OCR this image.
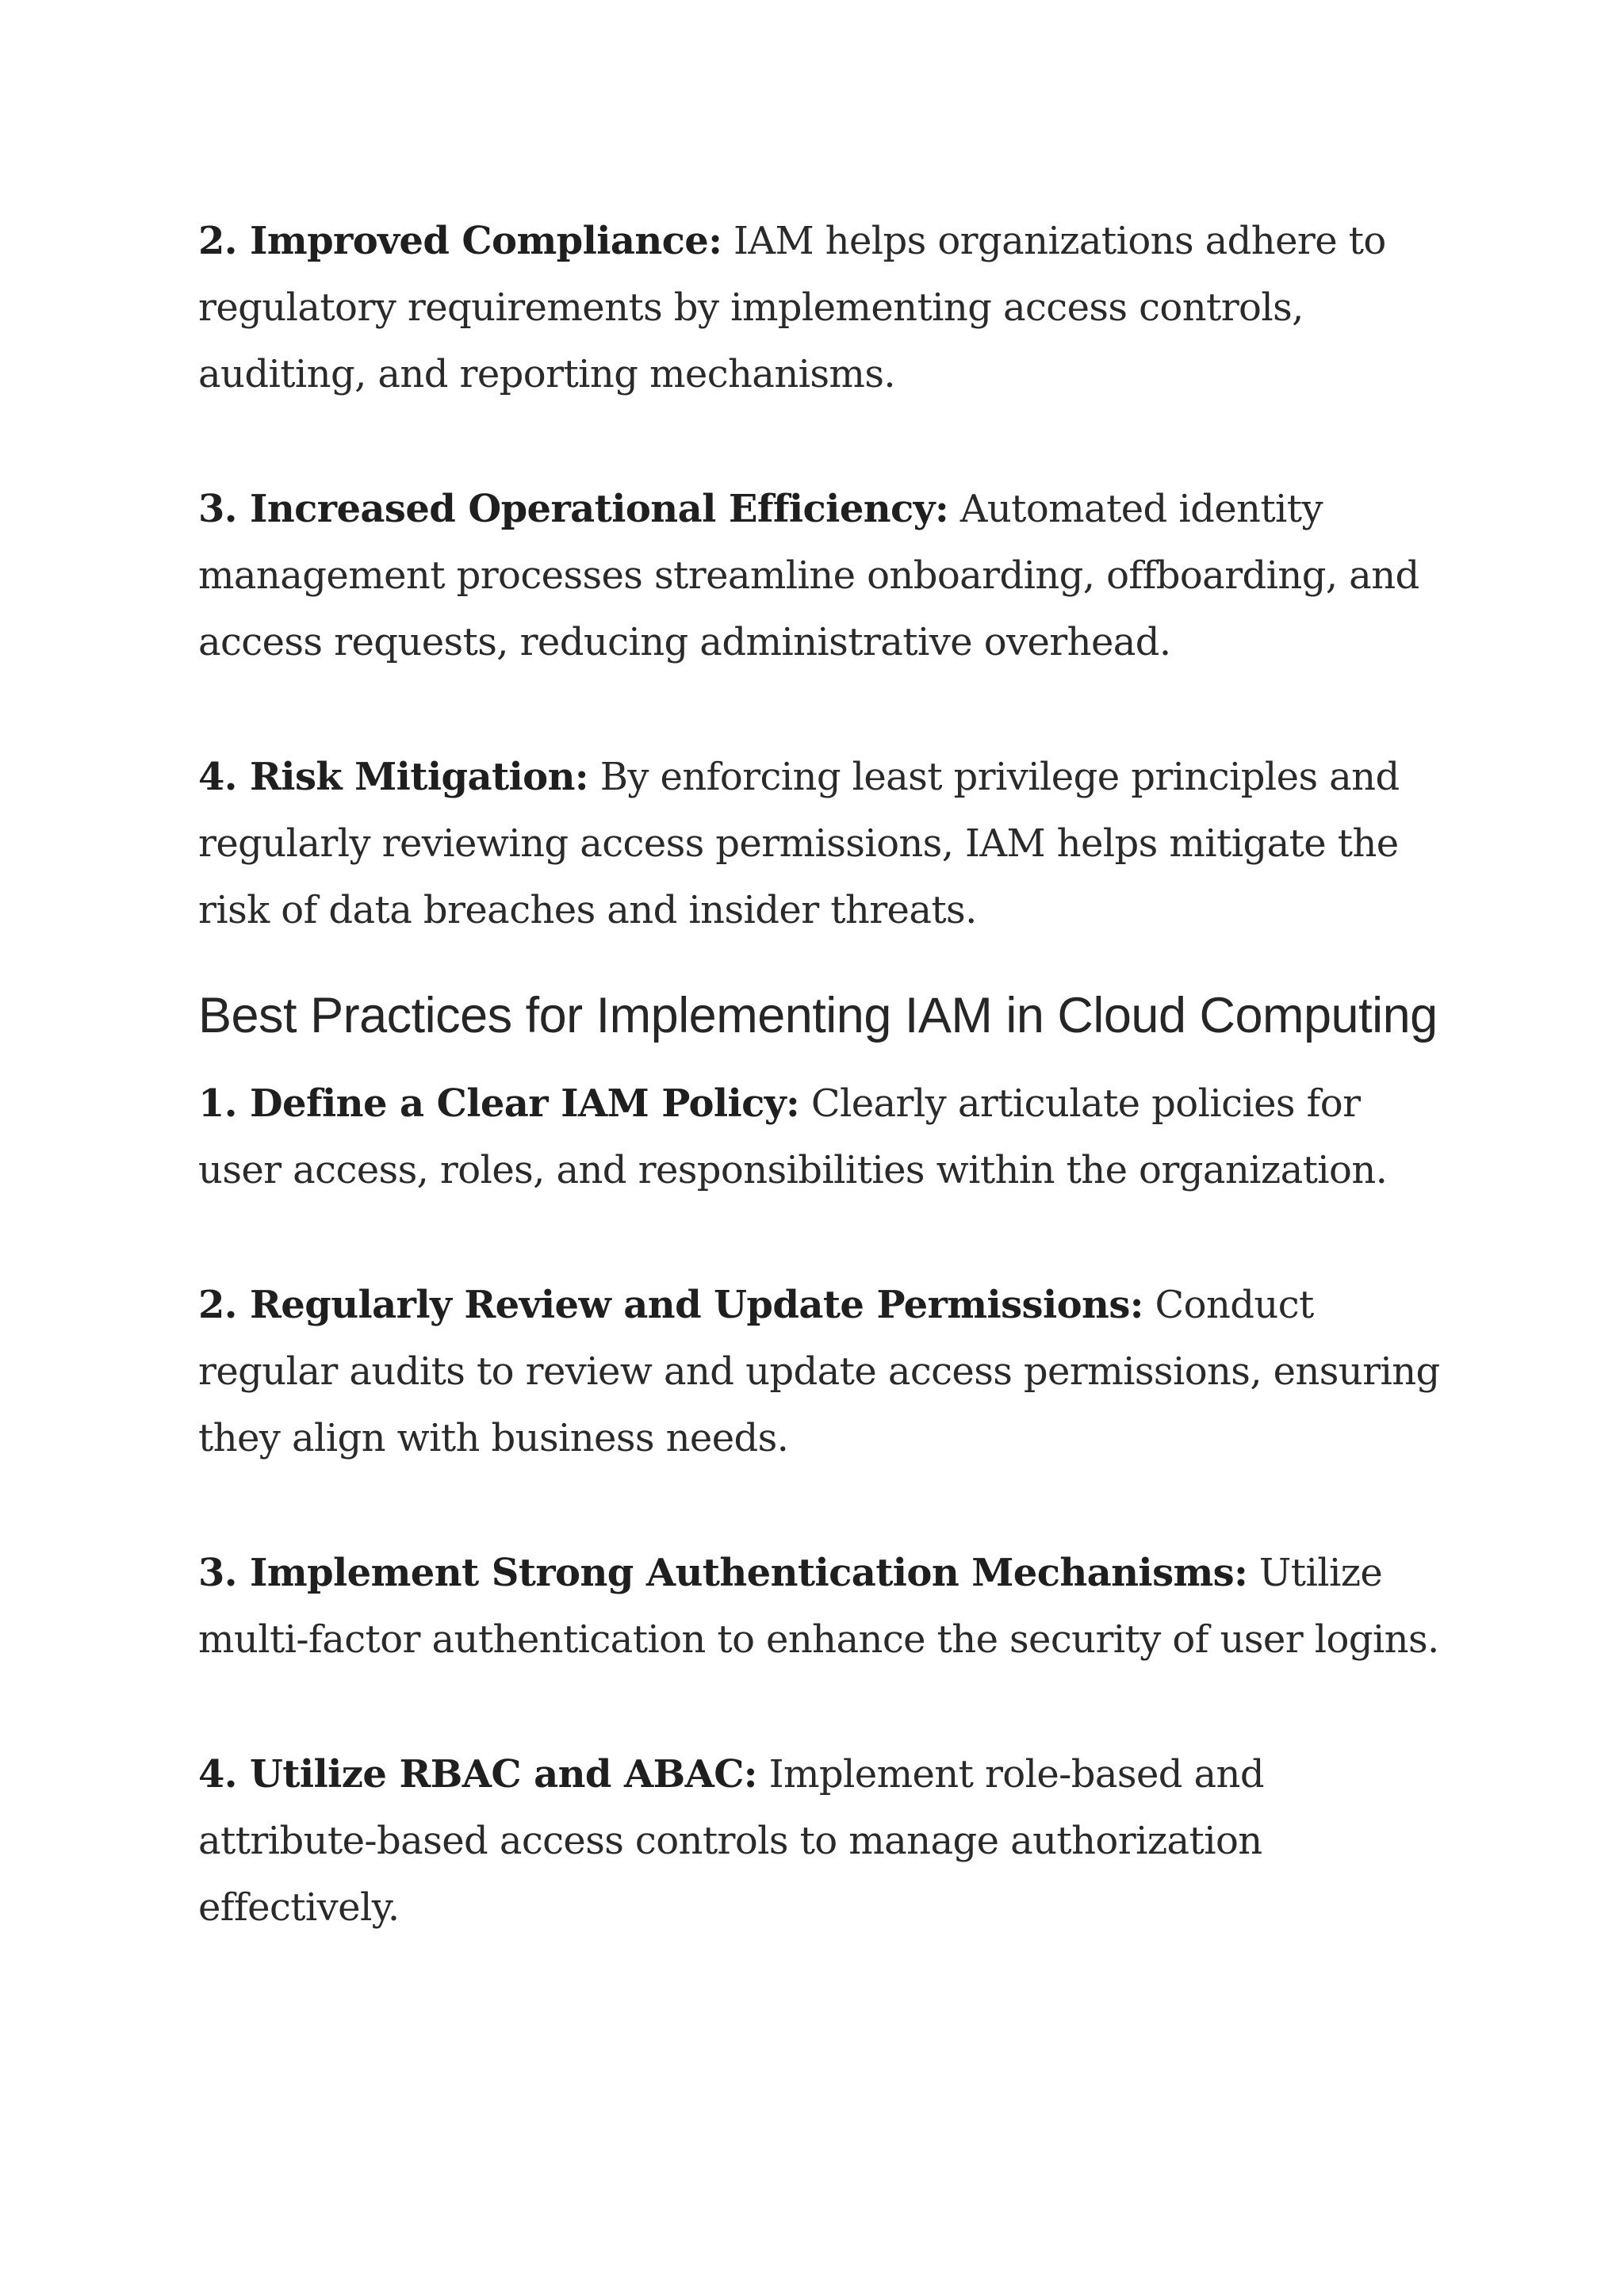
2. Improved Compliance: IAM helps organizations adhere to regulatory requirements by implementing access controls, auditing, and reporting mechanisms.

3. Increased Operational Efficiency: Automated identity management processes streamline onboarding, offboarding, and access requests, reducing administrative overhead.

4. Risk Mitigation: By enforcing least privilege principles and regularly reviewing access permissions, IAM helps mitigate the risk of data breaches and insider threats.

Best Practices for Implementing IAM in Cloud Computing

1. Define a Clear IAM Policy: Clearly articulate policies for user access, roles, and responsibilities within the organization.

2. Regularly Review and Update Permissions: Conduct regular audits to review and update access permissions, ensuring they align with business needs.

3. Implement Strong Authentication Mechanisms: Utilize multi-factor authentication to enhance the security of user logins.

4. Utilize RBAC and ABAC: Implement role-based and attribute-based access controls to manage authorization effectively.
